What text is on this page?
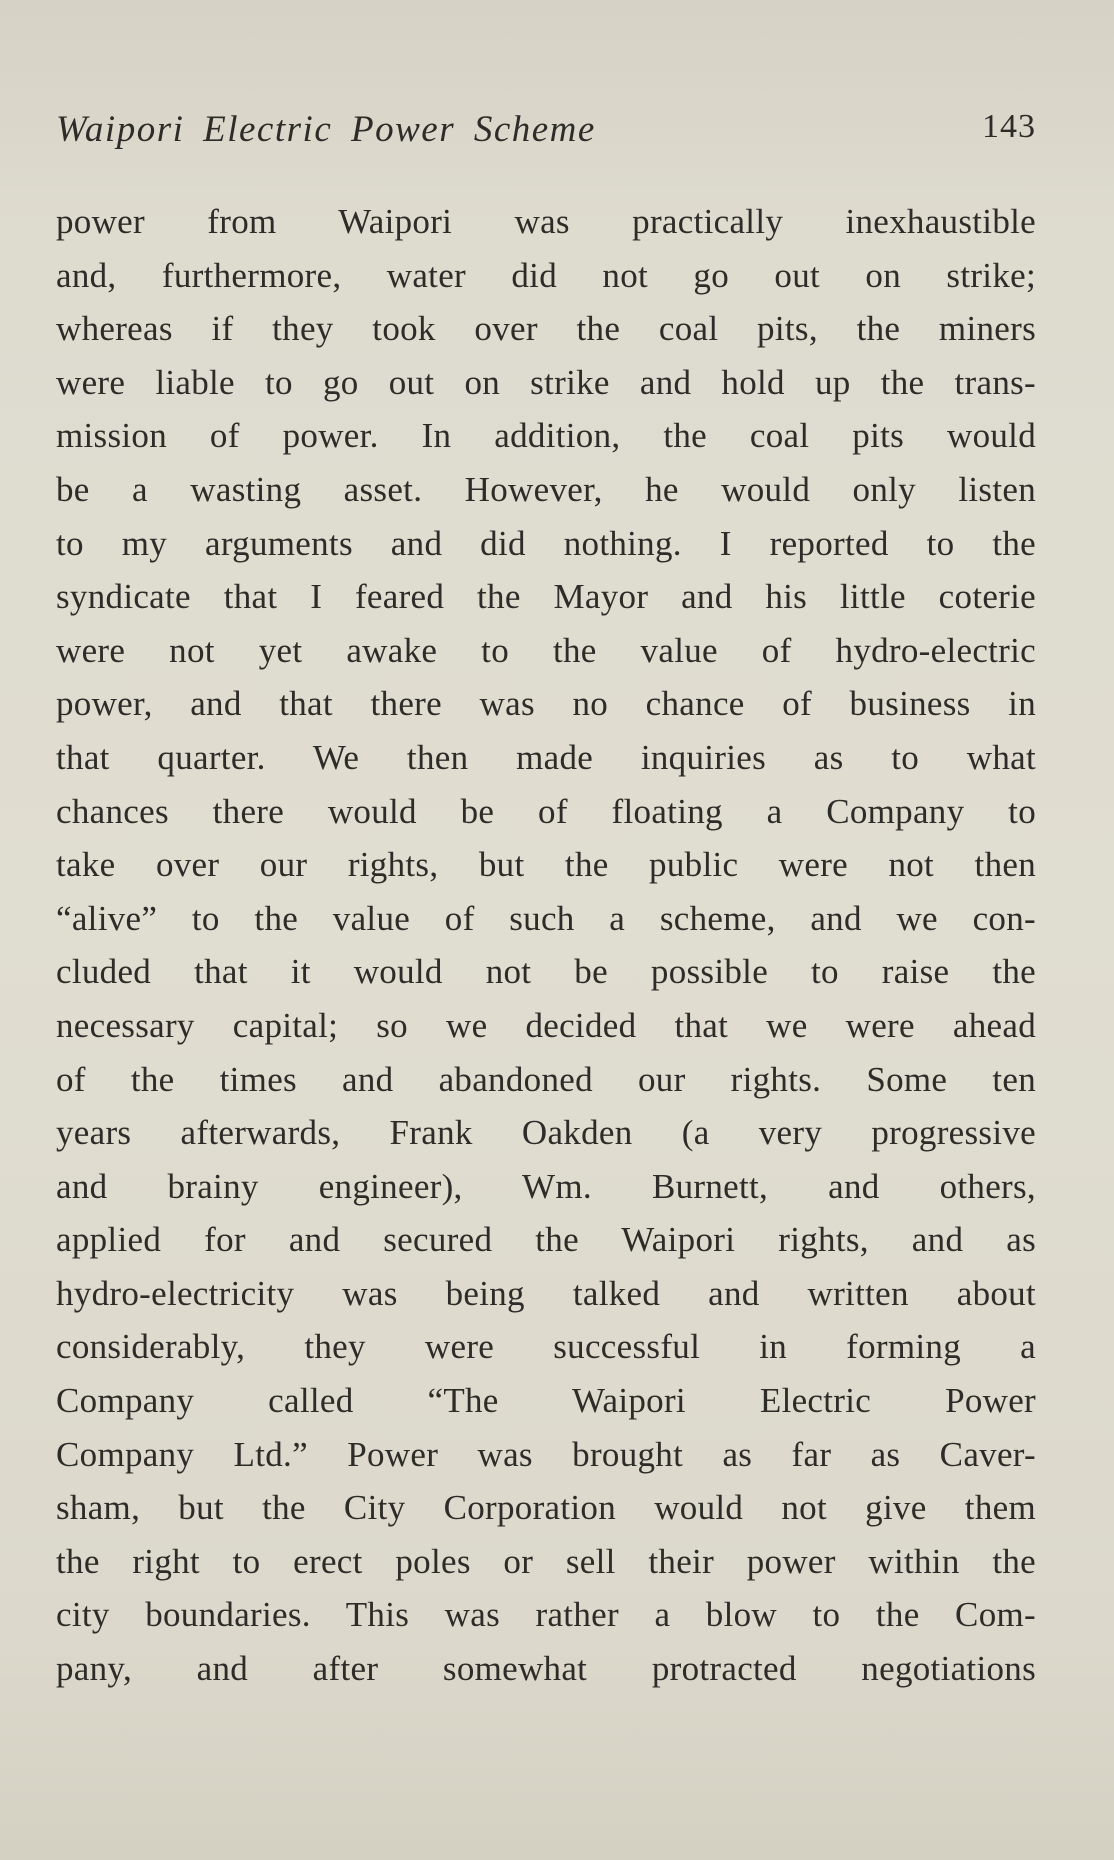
Waipori Electric Power Scheme	143
power from Waipori was practically inexhaustible
and, furthermore, water did not go out on strike;
whereas if they took over the coal pits, the miners
were liable to go out on strike and hold up the trans-
mission of power. In addition, the coal pits would
be a wasting asset. However, he would only listen
to my arguments and did nothing. I reported to the
syndicate that I feared the Mayor and his little coterie
were not yet awake to the value of hydro-electric
power, and that there was no chance of business in
that quarter. We then made inquiries as to what
chances there would be of floating a Company to
take over our rights, but the public were not then
“alive” to the value of such a scheme, and we con-
cluded that it would not be possible to raise the
necessary capital; so we decided that we were ahead
of the times and abandoned our rights. Some ten
years afterwards, Frank Oakden (a very progressive
and brainy engineer), Wm. Burnett, and others,
applied for and secured the Waipori rights, and as
hydro-electricity was being talked and written about
considerably, they were successful in forming a
Company called “The Waipori Electric Power
Company Ltd.” Power was brought as far as Caver-
sham, but the City Corporation would not give them
the right to erect poles or sell their power within the
city boundaries. This was rather a blow to the Com-
pany, and after somewhat protracted negotiations
